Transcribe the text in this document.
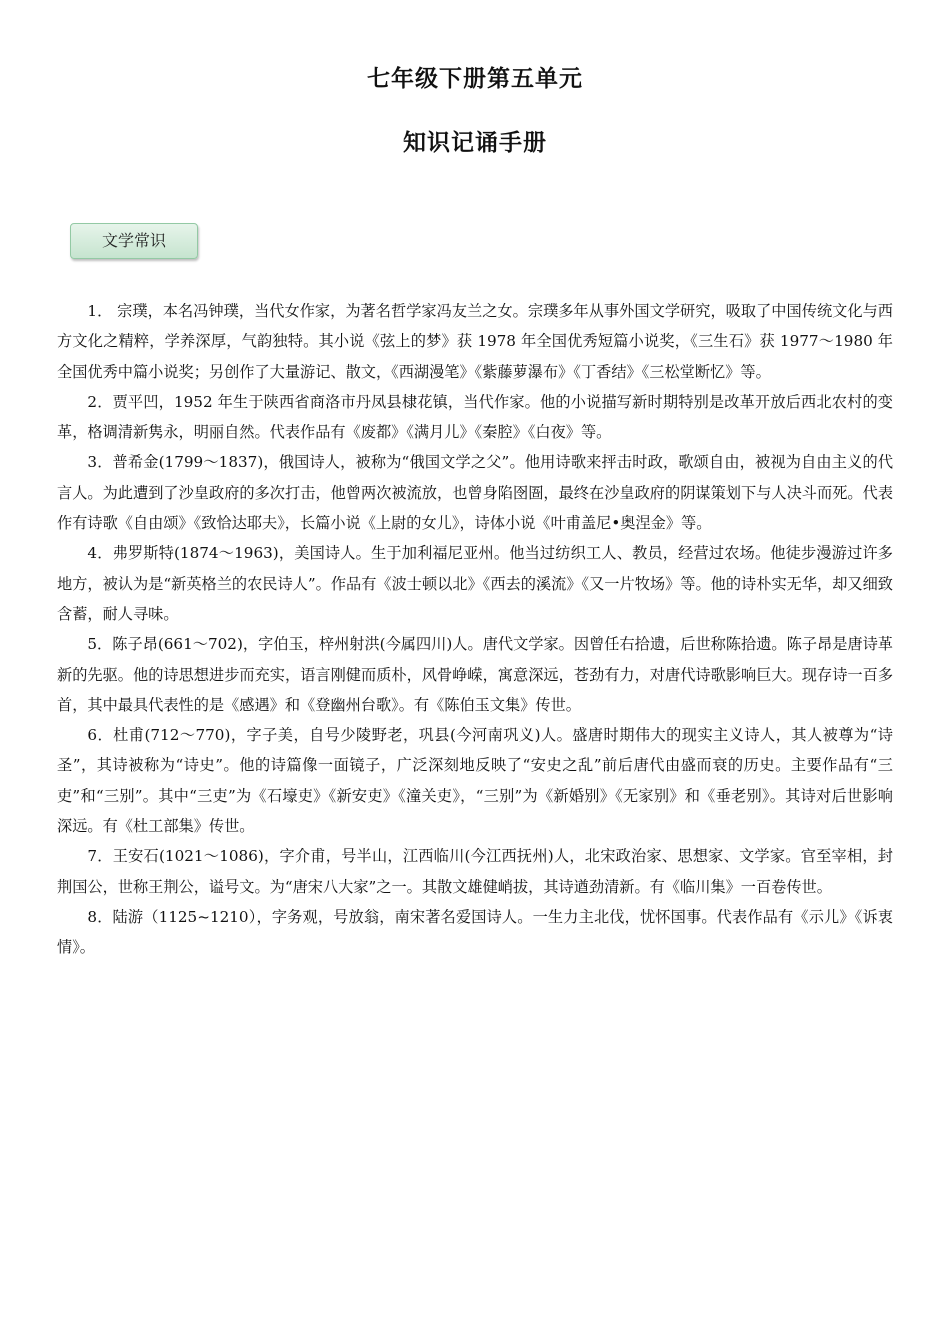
七年级下册第五单元
知识记诵手册
文学常识

1． 宗璞，本名冯钟璞，当代女作家，为著名哲学家冯友兰之女。宗璞多年从事外国文学研究，吸取了中国传统文化与西方文化之精粹，学养深厚，气韵独特。其小说《弦上的梦》获 1978 年全国优秀短篇小说奖，《三生石》获 1977～1980 年全国优秀中篇小说奖；另创作了大量游记、散文，《西湖漫笔》《紫藤萝瀑布》《丁香结》《三松堂断忆》等。

2．贾平凹，1952 年生于陕西省商洛市丹凤县棣花镇，当代作家。他的小说描写新时期特别是改革开放后西北农村的变革，格调清新隽永，明丽自然。代表作品有《废都》《满月儿》《秦腔》《白夜》等。

3．普希金(1799～1837)，俄国诗人，被称为“俄国文学之父”。他用诗歌来抨击时政，歌颂自由，被视为自由主义的代言人。为此遭到了沙皇政府的多次打击，他曾两次被流放，也曾身陷囹圄，最终在沙皇政府的阴谋策划下与人决斗而死。代表作有诗歌《自由颂》《致恰达耶夫》，长篇小说《上尉的女儿》，诗体小说《叶甫盖尼•奥涅金》等。

4．弗罗斯特(1874～1963)，美国诗人。生于加利福尼亚州。他当过纺织工人、教员，经营过农场。他徒步漫游过许多地方，被认为是“新英格兰的农民诗人”。作品有《波士顿以北》《西去的溪流》《又一片牧场》等。他的诗朴实无华，却又细致含蓄，耐人寻味。

5．陈子昂(661～702)，字伯玉，梓州射洪(今属四川)人。唐代文学家。因曾任右拾遗，后世称陈拾遗。陈子昂是唐诗革新的先驱。他的诗思想进步而充实，语言刚健而质朴，风骨峥嵘，寓意深远，苍劲有力，对唐代诗歌影响巨大。现存诗一百多首，其中最具代表性的是《感遇》和《登幽州台歌》。有《陈伯玉文集》传世。

6．杜甫(712～770)，字子美，自号少陵野老，巩县(今河南巩义)人。盛唐时期伟大的现实主义诗人，其人被尊为“诗圣”，其诗被称为“诗史”。他的诗篇像一面镜子，广泛深刻地反映了“安史之乱”前后唐代由盛而衰的历史。主要作品有“三吏”和“三别”。其中“三吏”为《石壕吏》《新安吏》《潼关吏》，“三别”为《新婚别》《无家别》和《垂老别》。其诗对后世影响深远。有《杜工部集》传世。

7．王安石(1021～1086)，字介甫，号半山，江西临川(今江西抚州)人，北宋政治家、思想家、文学家。官至宰相，封荆国公，世称王荆公，谥号文。为“唐宋八大家”之一。其散文雄健峭拔，其诗遒劲清新。有《临川集》一百卷传世。

8．陆游（1125~1210），字务观，号放翁，南宋著名爱国诗人。一生力主北伐，忧怀国事。代表作品有《示儿》《诉衷情》。
